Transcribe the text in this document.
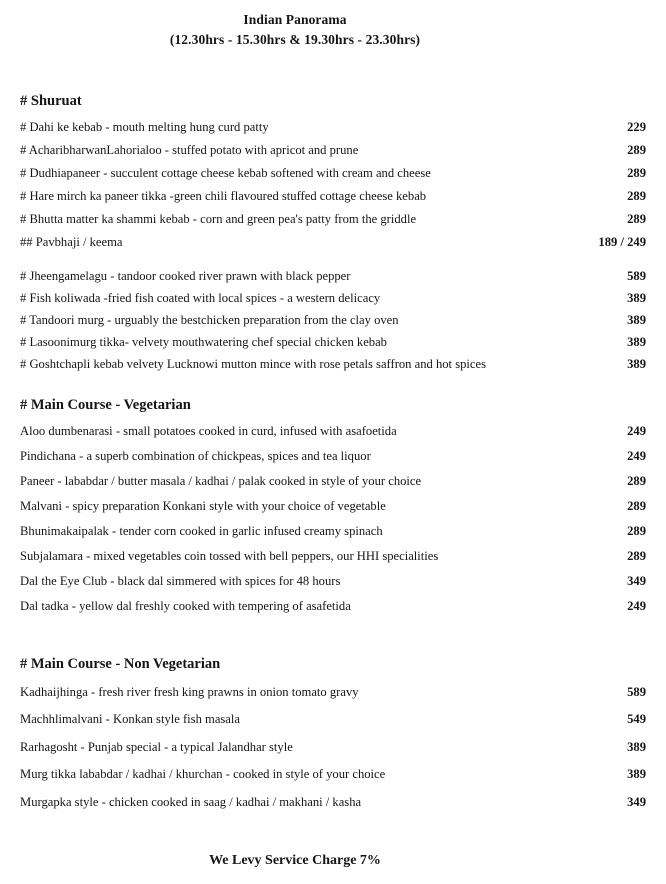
Indian Panorama
(12.30hrs - 15.30hrs & 19.30hrs - 23.30hrs)
# Shuruat
# Dahi ke kebab - mouth melting hung curd patty	229
# AcharibharwanLahorialoo - stuffed potato with apricot and prune	289
# Dudhiapaneer - succulent cottage cheese kebab softened with cream and cheese	289
# Hare mirch ka paneer tikka -green chili flavoured stuffed cottage cheese kebab	289
# Bhutta matter ka shammi kebab - corn and green pea's patty from the griddle	289
## Pavbhaji / keema	189 / 249
# Jheengamelagu - tandoor cooked river prawn with black pepper	589
# Fish koliwada -fried fish coated with local spices - a western delicacy	389
# Tandoori murg - urguably the bestchicken preparation from the clay oven	389
# Lasoonimurg tikka- velvety mouthwatering chef special chicken kebab	389
# Goshtchapli kebab velvety Lucknowi mutton mince with rose petals saffron and hot spices	389
# Main Course - Vegetarian
Aloo dumbenarasi - small potatoes cooked in curd, infused with asafoetida	249
Pindichana - a superb combination of chickpeas, spices and tea liquor	249
Paneer - lababdar / butter masala / kadhai / palak cooked in style of your choice	289
Malvani - spicy preparation Konkani style with your choice of vegetable	289
Bhunimakaipalak - tender corn cooked in garlic infused creamy spinach	289
Subjalamara - mixed vegetables coin tossed with bell peppers, our HHI specialities	289
Dal the Eye Club - black dal simmered with spices for 48 hours	349
Dal tadka - yellow dal freshly cooked with tempering of asafetida	249
# Main Course - Non Vegetarian
Kadhaijhinga - fresh river fresh king prawns in onion tomato gravy	589
Machhlimalvani - Konkan style fish masala	549
Rarhagosht - Punjab special - a typical Jalandhar style	389
Murg tikka lababdar / kadhai / khurchan - cooked in style of your choice	389
Murgapka style - chicken cooked in saag / kadhai / makhani / kasha	349
We Levy Service Charge 7%
